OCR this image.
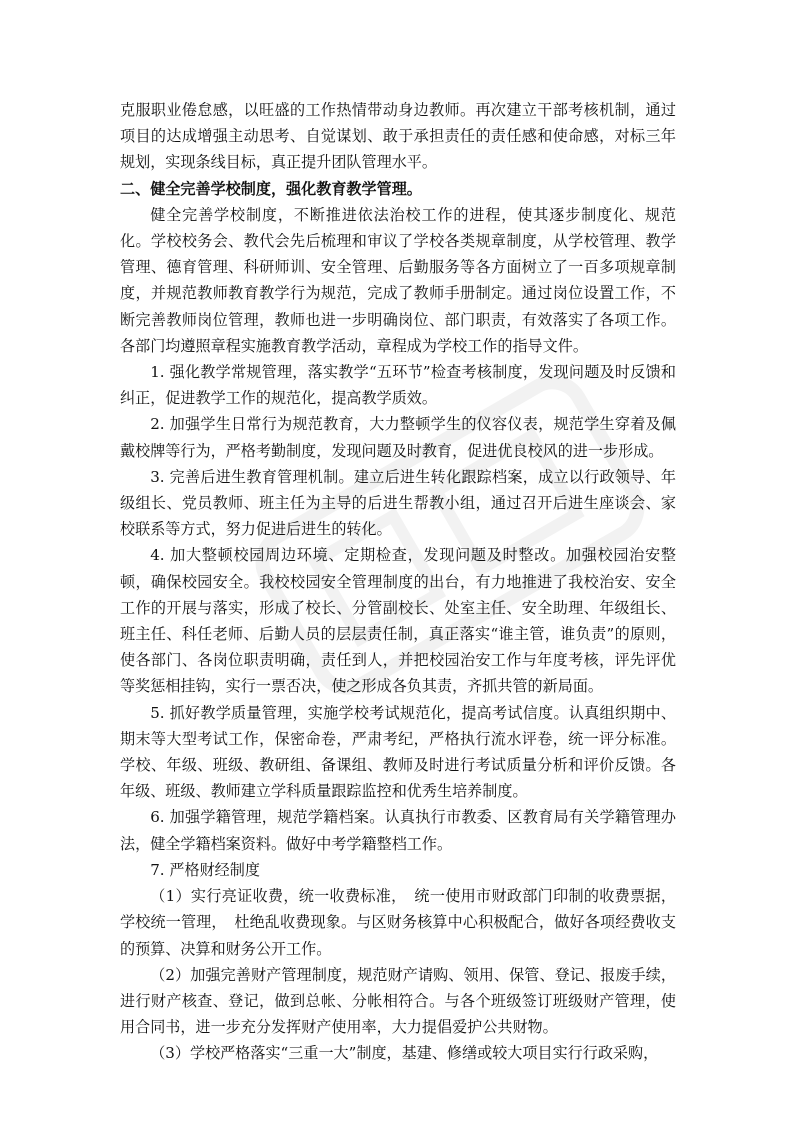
克服职业倦怠感，以旺盛的工作热情带动身边教师。再次建立干部考核机制，通过项目的达成增强主动思考、自觉谋划、敢于承担责任的责任感和使命感，对标三年规划，实现条线目标，真正提升团队管理水平。

二、健全完善学校制度，强化教育教学管理。

健全完善学校制度，不断推进依法治校工作的进程，使其逐步制度化、规范化。学校校务会、教代会先后梳理和审议了学校各类规章制度，从学校管理、教学管理、德育管理、科研师训、安全管理、后勤服务等各方面树立了一百多项规章制度，并规范教师教育教学行为规范，完成了教师手册制定。通过岗位设置工作，不断完善教师岗位管理，教师也进一步明确岗位、部门职责，有效落实了各项工作。各部门均遵照章程实施教育教学活动，章程成为学校工作的指导文件。

1. 强化教学常规管理，落实教学“五环节”检查考核制度，发现问题及时反馈和纠正，促进教学工作的规范化，提高教学质效。

2. 加强学生日常行为规范教育，大力整顿学生的仪容仪表，规范学生穿着及佩戴校牌等行为，严格考勤制度，发现问题及时教育，促进优良校风的进一步形成。

3. 完善后进生教育管理机制。建立后进生转化跟踪档案，成立以行政领导、年级组长、党员教师、班主任为主导的后进生帮教小组，通过召开后进生座谈会、家校联系等方式，努力促进后进生的转化。

4. 加大整顿校园周边环境、定期检查，发现问题及时整改。加强校园治安整顿，确保校园安全。我校校园安全管理制度的出台，有力地推进了我校治安、安全工作的开展与落实，形成了校长、分管副校长、处室主任、安全助理、年级组长、班主任、科任老师、后勤人员的层层责任制，真正落实“谁主管，谁负责”的原则，使各部门、各岗位职责明确，责任到人，并把校园治安工作与年度考核，评先评优等奖惩相挂钩，实行一票否决，使之形成各负其责，齐抓共管的新局面。

5. 抓好教学质量管理，实施学校考试规范化，提高考试信度。认真组织期中、期末等大型考试工作，保密命卷，严肃考纪，严格执行流水评卷，统一评分标准。学校、年级、班级、教研组、备课组、教师及时进行考试质量分析和评价反馈。各年级、班级、教师建立学科质量跟踪监控和优秀生培养制度。

6. 加强学籍管理，规范学籍档案。认真执行市教委、区教育局有关学籍管理办法，健全学籍档案资料。做好中考学籍整档工作。

7. 严格财经制度

（1）实行亮证收费，统一收费标准，　统一使用市财政部门印制的收费票据，学校统一管理，　杜绝乱收费现象。与区财务核算中心积极配合，做好各项经费收支的预算、决算和财务公开工作。

（2）加强完善财产管理制度，规范财产请购、领用、保管、登记、报废手续，进行财产核查、登记，做到总帐、分帐相符合。与各个班级签订班级财产管理，使用合同书，进一步充分发挥财产使用率，大力提倡爱护公共财物。

（3）学校严格落实“三重一大”制度，基建、修缮或较大项目实行行政采购，
